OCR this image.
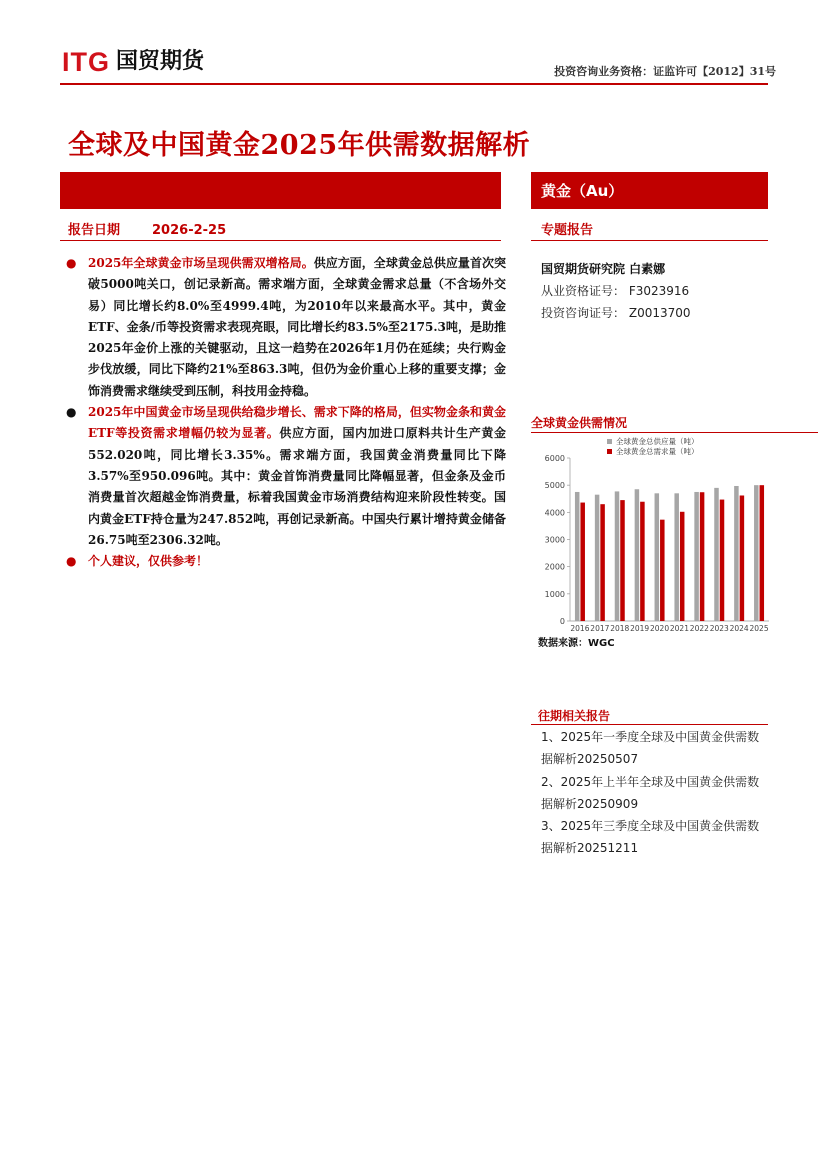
ITG 国贸期货	投资咨询业务资格：证监许可【2012】31号
全球及中国黄金2025年供需数据解析
黄金（Au）
报告日期 2026-2-25	专题报告
● 2025年全球黄金市场呈现供需双增格局。供应方面，全球黄金总供应量首次突破5000吨关口，创记录新高。需求端方面，全球黄金需求总量（不含场外交易）同比增长约8.0%至4999.4吨，为2010年以来最高水平。其中，黄金ETF、金条/币等投资需求表现亮眼，同比增长约83.5%至2175.3吨，是助推2025年金价上涨的关键驱动，且这一趋势在2026年1月仍在延续；央行购金步伐放缓，同比下降约21%至863.3吨，但仍为金价重心上移的重要支撑；金饰消费需求继续受到压制，科技用金持稳。
● 2025年中国黄金市场呈现供给稳步增长、需求下降的格局，但实物金条和黄金ETF等投资需求增幅仍较为显著。供应方面，国内加进口原料共计生产黄金552.020吨，同比增长3.35%。需求端方面，我国黄金消费量同比下降3.57%至950.096吨。其中：黄金首饰消费量同比降幅显著，但金条及金币消费量首次超越金饰消费量，标着我国黄金市场消费结构迎来阶段性转变。国内黄金ETF持仓量为247.852吨，再创记录新高。中国央行累计增持黄金储备26.75吨至2306.32吨。
● 个人建议，仅供参考！
国贸期货研究院 白素娜
从业资格证号： F3023916
投资咨询证号： Z0013700
全球黄金供需情况
0
1000
2000
3000
4000
5000
6000
2016 2017 2018 2019 2020 2021 2022 2023 2024 2025
全球黄金总供应量（吨）
全球黄金总需求量（吨）
数据来源：WGC
往期相关报告
1、2025年一季度全球及中国黄金供需数据解析20250507
2、2025年上半年全球及中国黄金供需数据解析20250909
3、2025年三季度全球及中国黄金供需数据解析20251211
